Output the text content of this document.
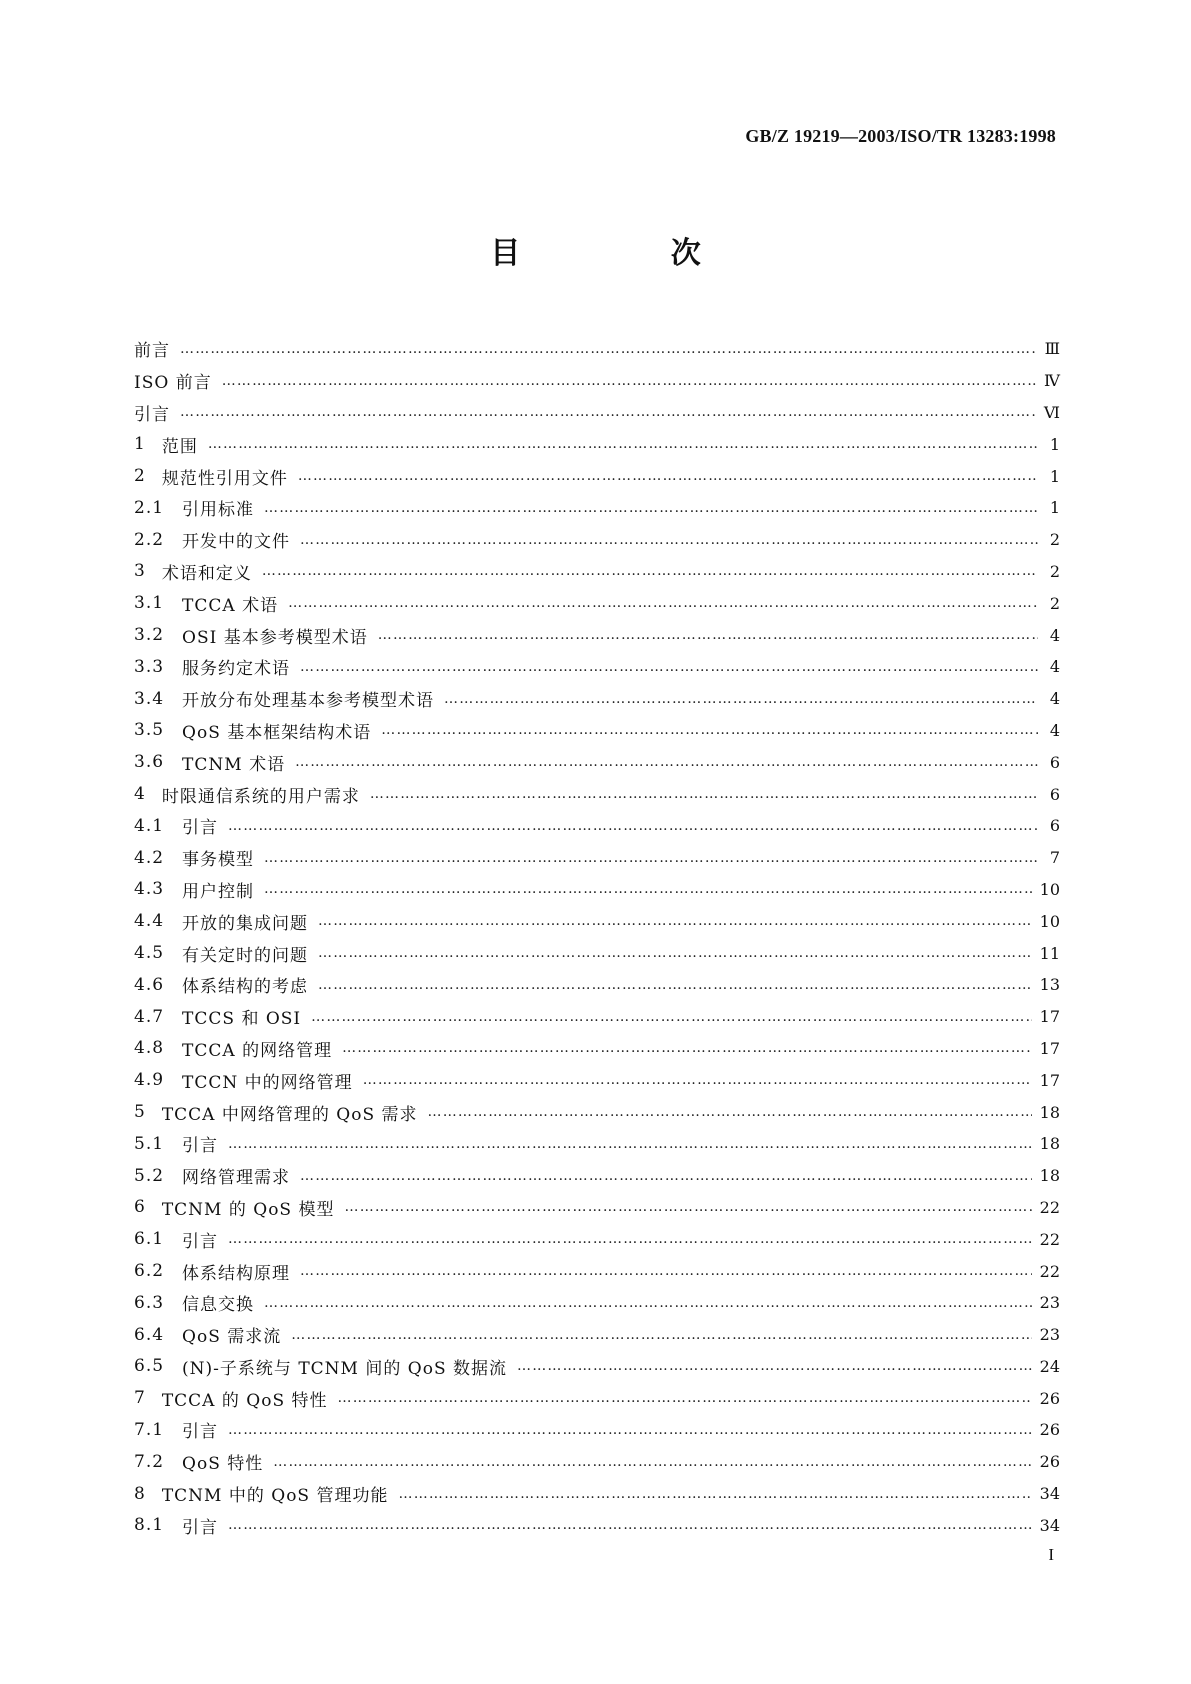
GB/Z 19219—2003/ISO/TR 13283:1998
目 次
前言 …………………………………………………………………………………………………………………………………………………………………………	Ⅲ
ISO 前言 …………………………………………………………………………………………………………………………………………………………………………	Ⅳ
引言 …………………………………………………………………………………………………………………………………………………………………………	Ⅵ
1 范围 …………………………………………………………………………………………………………………………………………………………………………	1
2 规范性引用文件 …………………………………………………………………………………………………………………………………………………………………………	1
2.1 引用标准 …………………………………………………………………………………………………………………………………………………………………………	1
2.2 开发中的文件 …………………………………………………………………………………………………………………………………………………………………………	2
3 术语和定义 …………………………………………………………………………………………………………………………………………………………………………	2
3.1 TCCA 术语 …………………………………………………………………………………………………………………………………………………………………………	2
3.2 OSI 基本参考模型术语 …………………………………………………………………………………………………………………………………………………………………………	4
3.3 服务约定术语 …………………………………………………………………………………………………………………………………………………………………………	4
3.4 开放分布处理基本参考模型术语 …………………………………………………………………………………………………………………………………………………………………………	4
3.5 QoS 基本框架结构术语 …………………………………………………………………………………………………………………………………………………………………………	4
3.6 TCNM 术语 …………………………………………………………………………………………………………………………………………………………………………	6
4 时限通信系统的用户需求 …………………………………………………………………………………………………………………………………………………………………………	6
4.1 引言 …………………………………………………………………………………………………………………………………………………………………………	6
4.2 事务模型 …………………………………………………………………………………………………………………………………………………………………………	7
4.3 用户控制 …………………………………………………………………………………………………………………………………………………………………………	10
4.4 开放的集成问题 …………………………………………………………………………………………………………………………………………………………………………	10
4.5 有关定时的问题 …………………………………………………………………………………………………………………………………………………………………………	11
4.6 体系结构的考虑 …………………………………………………………………………………………………………………………………………………………………………	13
4.7 TCCS 和 OSI …………………………………………………………………………………………………………………………………………………………………………	17
4.8 TCCA 的网络管理 …………………………………………………………………………………………………………………………………………………………………………	17
4.9 TCCN 中的网络管理 …………………………………………………………………………………………………………………………………………………………………………	17
5 TCCA 中网络管理的 QoS 需求 …………………………………………………………………………………………………………………………………………………………………………	18
5.1 引言 …………………………………………………………………………………………………………………………………………………………………………	18
5.2 网络管理需求 …………………………………………………………………………………………………………………………………………………………………………	18
6 TCNM 的 QoS 模型 …………………………………………………………………………………………………………………………………………………………………………	22
6.1 引言 …………………………………………………………………………………………………………………………………………………………………………	22
6.2 体系结构原理 …………………………………………………………………………………………………………………………………………………………………………	22
6.3 信息交换 …………………………………………………………………………………………………………………………………………………………………………	23
6.4 QoS 需求流 …………………………………………………………………………………………………………………………………………………………………………	23
6.5 (N)-子系统与 TCNM 间的 QoS 数据流 …………………………………………………………………………………………………………………………………………………………………………	24
7 TCCA 的 QoS 特性 …………………………………………………………………………………………………………………………………………………………………………	26
7.1 引言 …………………………………………………………………………………………………………………………………………………………………………	26
7.2 QoS 特性 …………………………………………………………………………………………………………………………………………………………………………	26
8 TCNM 中的 QoS 管理功能 …………………………………………………………………………………………………………………………………………………………………………	34
8.1 引言 …………………………………………………………………………………………………………………………………………………………………………	34
I
